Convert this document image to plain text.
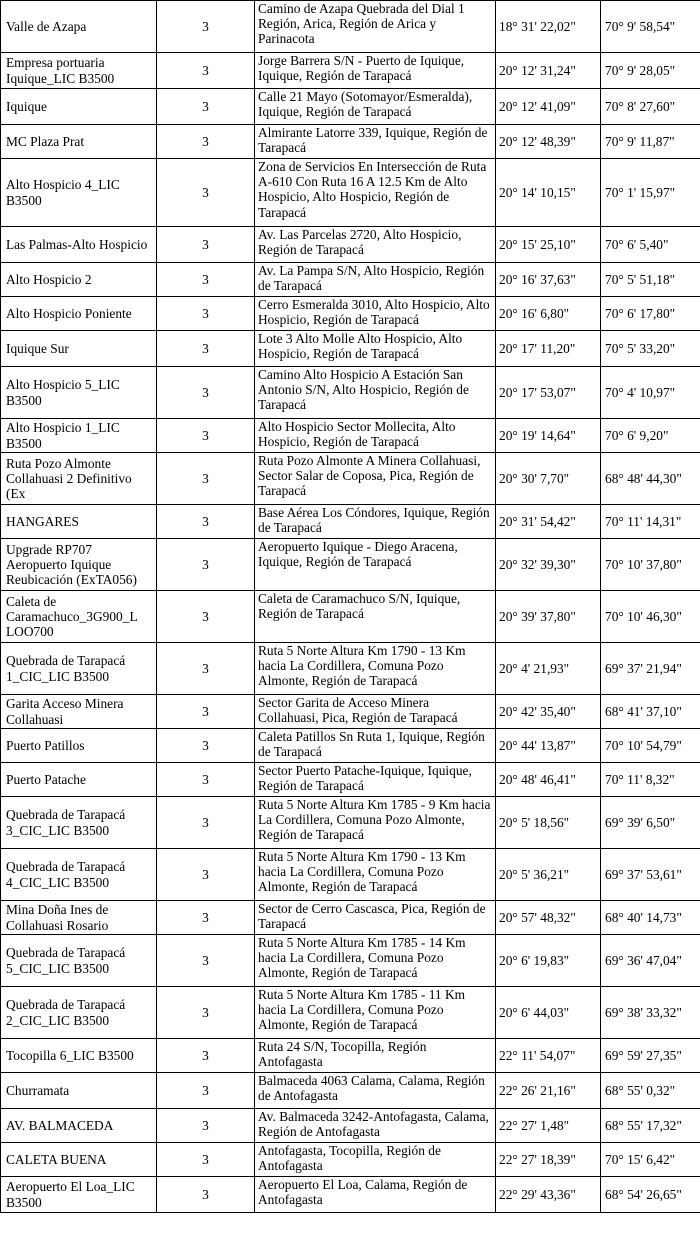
Valle de Azapa	3	Camino de Azapa Quebrada del Dial 1 Región, Arica, Región de Arica y Parinacota	18° 31' 22,02"	70° 9' 58,54"
Empresa portuaria Iquique_LIC B3500	3	Jorge Barrera S/N - Puerto de Iquique, Iquique, Región de Tarapacá	20° 12' 31,24"	70° 9' 28,05"
Iquique	3	Calle 21 Mayo (Sotomayor/Esmeralda), Iquique, Región de Tarapacá	20° 12' 41,09"	70° 8' 27,60"
MC Plaza Prat	3	Almirante Latorre 339, Iquique, Región de Tarapacá	20° 12' 48,39"	70° 9' 11,87"
Alto Hospicio 4_LIC B3500	3	Zona de Servicios En Intersección de Ruta A-610 Con Ruta 16 A 12.5 Km de Alto Hospicio, Alto Hospicio, Región de Tarapacá	20° 14' 10,15"	70° 1' 15,97"
Las Palmas-Alto Hospicio	3	Av. Las Parcelas 2720, Alto Hospicio, Región de Tarapacá	20° 15' 25,10"	70° 6' 5,40"
Alto Hospicio 2	3	Av. La Pampa S/N, Alto Hospicio, Región de Tarapacá	20° 16' 37,63"	70° 5' 51,18"
Alto Hospicio Poniente	3	Cerro Esmeralda 3010, Alto Hospicio, Alto Hospicio, Región de Tarapacá	20° 16' 6,80"	70° 6' 17,80"
Iquique Sur	3	Lote 3 Alto Molle Alto Hospicio, Alto Hospicio, Región de Tarapacá	20° 17' 11,20"	70° 5' 33,20"
Alto Hospicio 5_LIC B3500	3	Camino Alto Hospicio A Estación San Antonio S/N, Alto Hospicio, Región de Tarapacá	20° 17' 53,07"	70° 4' 10,97"
Alto Hospicio 1_LIC B3500	3	Alto Hospicio Sector Mollecita, Alto Hospicio, Región de Tarapacá	20° 19' 14,64"	70° 6' 9,20"
Ruta Pozo Almonte Collahuasi 2 Definitivo (Ex	3	Ruta Pozo Almonte A Minera Collahuasi, Sector Salar de Coposa, Pica, Región de Tarapacá	20° 30' 7,70"	68° 48' 44,30"
HANGARES	3	Base Aérea Los Cóndores, Iquique, Región de Tarapacá	20° 31' 54,42"	70° 11' 14,31"
Upgrade RP707 Aeropuerto Iquique Reubicación (ExTA056)	3	Aeropuerto Iquique - Diego Aracena, Iquique, Región de Tarapacá	20° 32' 39,30"	70° 10' 37,80"
Caleta de Caramachuco_3G900_L LOO700	3	Caleta de Caramachuco S/N, Iquique, Región de Tarapacá	20° 39' 37,80"	70° 10' 46,30"
Quebrada de Tarapacá 1_CIC_LIC B3500	3	Ruta 5 Norte Altura Km 1790 - 13 Km hacia La Cordillera, Comuna Pozo Almonte, Región de Tarapacá	20° 4' 21,93"	69° 37' 21,94"
Garita Acceso Minera Collahuasi	3	Sector Garita de Acceso Minera Collahuasi, Pica, Región de Tarapacá	20° 42' 35,40"	68° 41' 37,10"
Puerto Patillos	3	Caleta Patillos Sn Ruta 1, Iquique, Región de Tarapacá	20° 44' 13,87"	70° 10' 54,79"
Puerto Patache	3	Sector Puerto Patache-Iquique, Iquique, Región de Tarapacá	20° 48' 46,41"	70° 11' 8,32"
Quebrada de Tarapacá 3_CIC_LIC B3500	3	Ruta 5 Norte Altura Km 1785 - 9 Km hacia La Cordillera, Comuna Pozo Almonte, Región de Tarapacá	20° 5' 18,56"	69° 39' 6,50"
Quebrada de Tarapacá 4_CIC_LIC B3500	3	Ruta 5 Norte Altura Km 1790 - 13 Km hacia La Cordillera, Comuna Pozo Almonte, Región de Tarapacá	20° 5' 36,21"	69° 37' 53,61"
Mina Doña Ines de Collahuasi Rosario	3	Sector de Cerro Cascasca, Pica, Región de Tarapacá	20° 57' 48,32"	68° 40' 14,73"
Quebrada de Tarapacá 5_CIC_LIC B3500	3	Ruta 5 Norte Altura Km 1785 - 14 Km hacia La Cordillera, Comuna Pozo Almonte, Región de Tarapacá	20° 6' 19,83"	69° 36' 47,04"
Quebrada de Tarapacá 2_CIC_LIC B3500	3	Ruta 5 Norte Altura Km 1785 - 11 Km hacia La Cordillera, Comuna Pozo Almonte, Región de Tarapacá	20° 6' 44,03"	69° 38' 33,32"
Tocopilla 6_LIC B3500	3	Ruta 24 S/N, Tocopilla, Región Antofagasta	22° 11' 54,07"	69° 59' 27,35"
Churramata	3	Balmaceda 4063 Calama, Calama, Región de Antofagasta	22° 26' 21,16"	68° 55' 0,32"
AV. BALMACEDA	3	Av. Balmaceda 3242-Antofagasta, Calama, Región de Antofagasta	22° 27' 1,48"	68° 55' 17,32"
CALETA BUENA	3	Antofagasta, Tocopilla, Región de Antofagasta	22° 27' 18,39"	70° 15' 6,42"
Aeropuerto El Loa_LIC B3500	3	Aeropuerto El Loa, Calama, Región de Antofagasta	22° 29' 43,36"	68° 54' 26,65"
